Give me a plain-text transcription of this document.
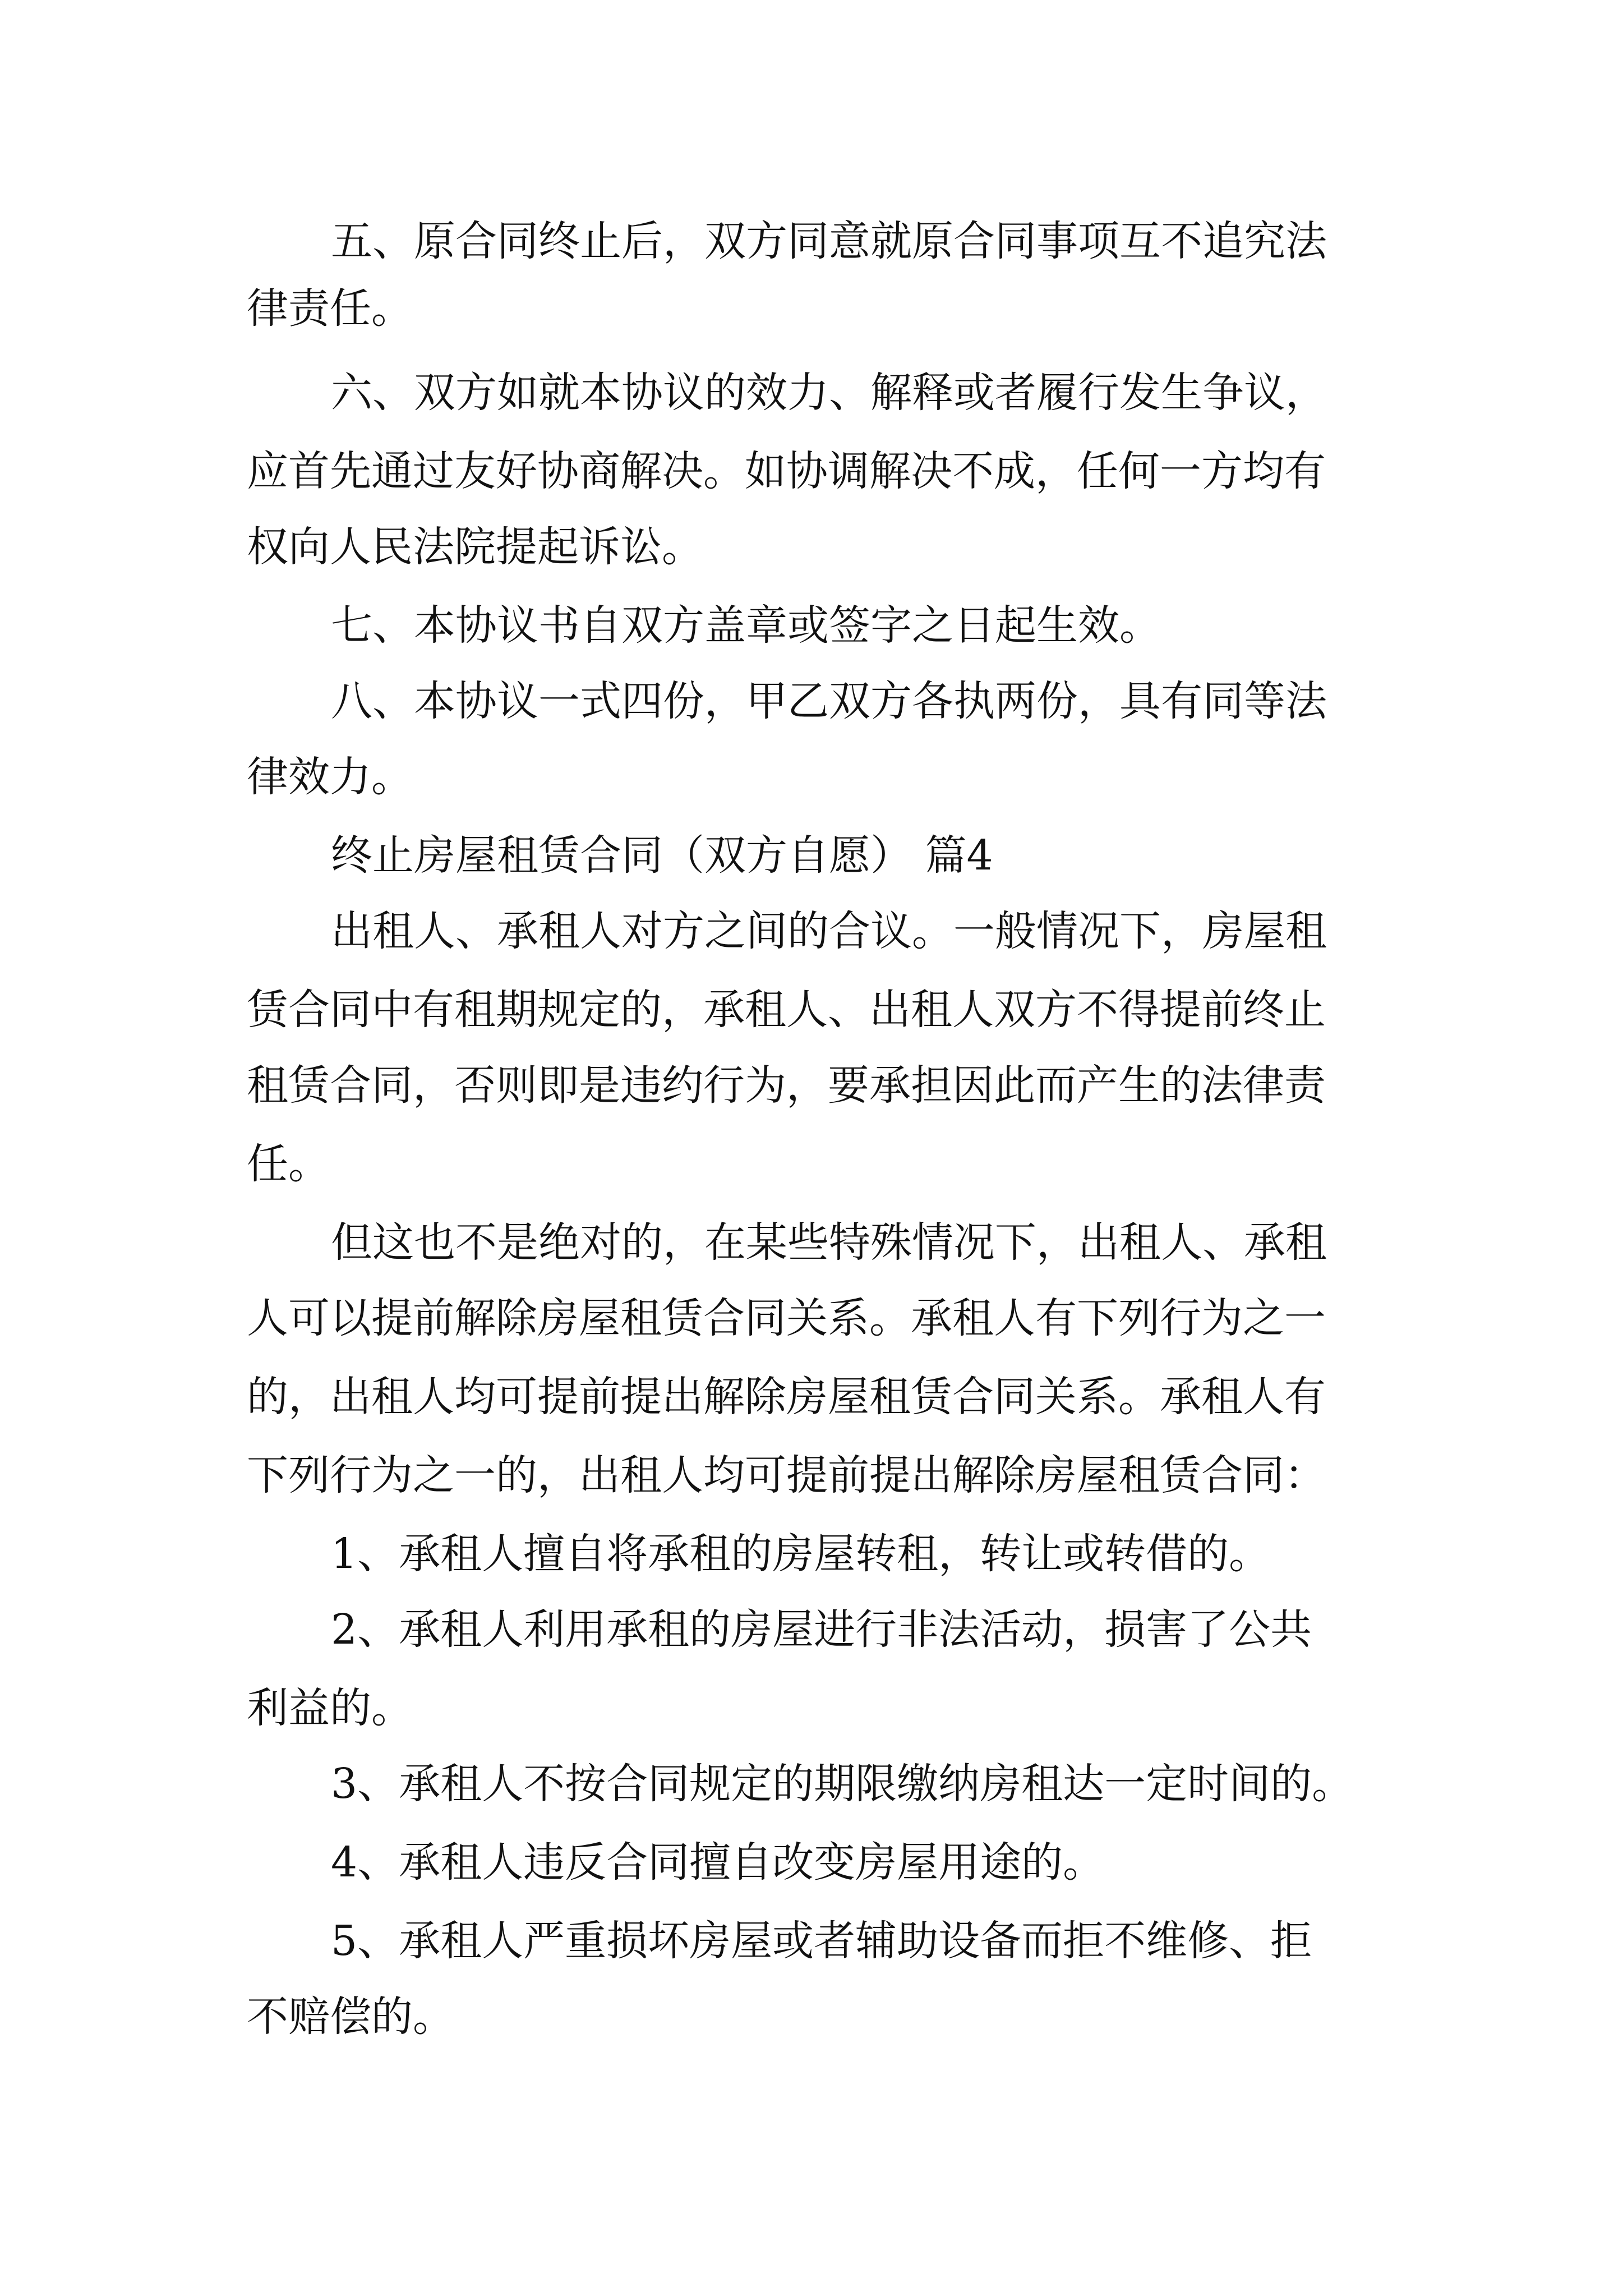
五、原合同终止后，双方同意就原合同事项互不追究法

律责任。

六、双方如就本协议的效力、解释或者履行发生争议，

应首先通过友好协商解决。如协调解决不成，任何一方均有

权向人民法院提起诉讼。

七、本协议书自双方盖章或签字之日起生效。

八、本协议一式四份，甲乙双方各执两份，具有同等法

律效力。

终止房屋租赁合同（双方自愿） 篇4

出租人、承租人对方之间的合议。一般情况下，房屋租

赁合同中有租期规定的，承租人、出租人双方不得提前终止

租赁合同，否则即是违约行为，要承担因此而产生的法律责

任。

但这也不是绝对的，在某些特殊情况下，出租人、承租

人可以提前解除房屋租赁合同关系。承租人有下列行为之一

的，出租人均可提前提出解除房屋租赁合同关系。承租人有

下列行为之一的，出租人均可提前提出解除房屋租赁合同：

1、承租人擅自将承租的房屋转租，转让或转借的。

2、承租人利用承租的房屋进行非法活动，损害了公共

利益的。

3、承租人不按合同规定的期限缴纳房租达一定时间的。

4、承租人违反合同擅自改变房屋用途的。

5、承租人严重损坏房屋或者辅助设备而拒不维修、拒

不赔偿的。
